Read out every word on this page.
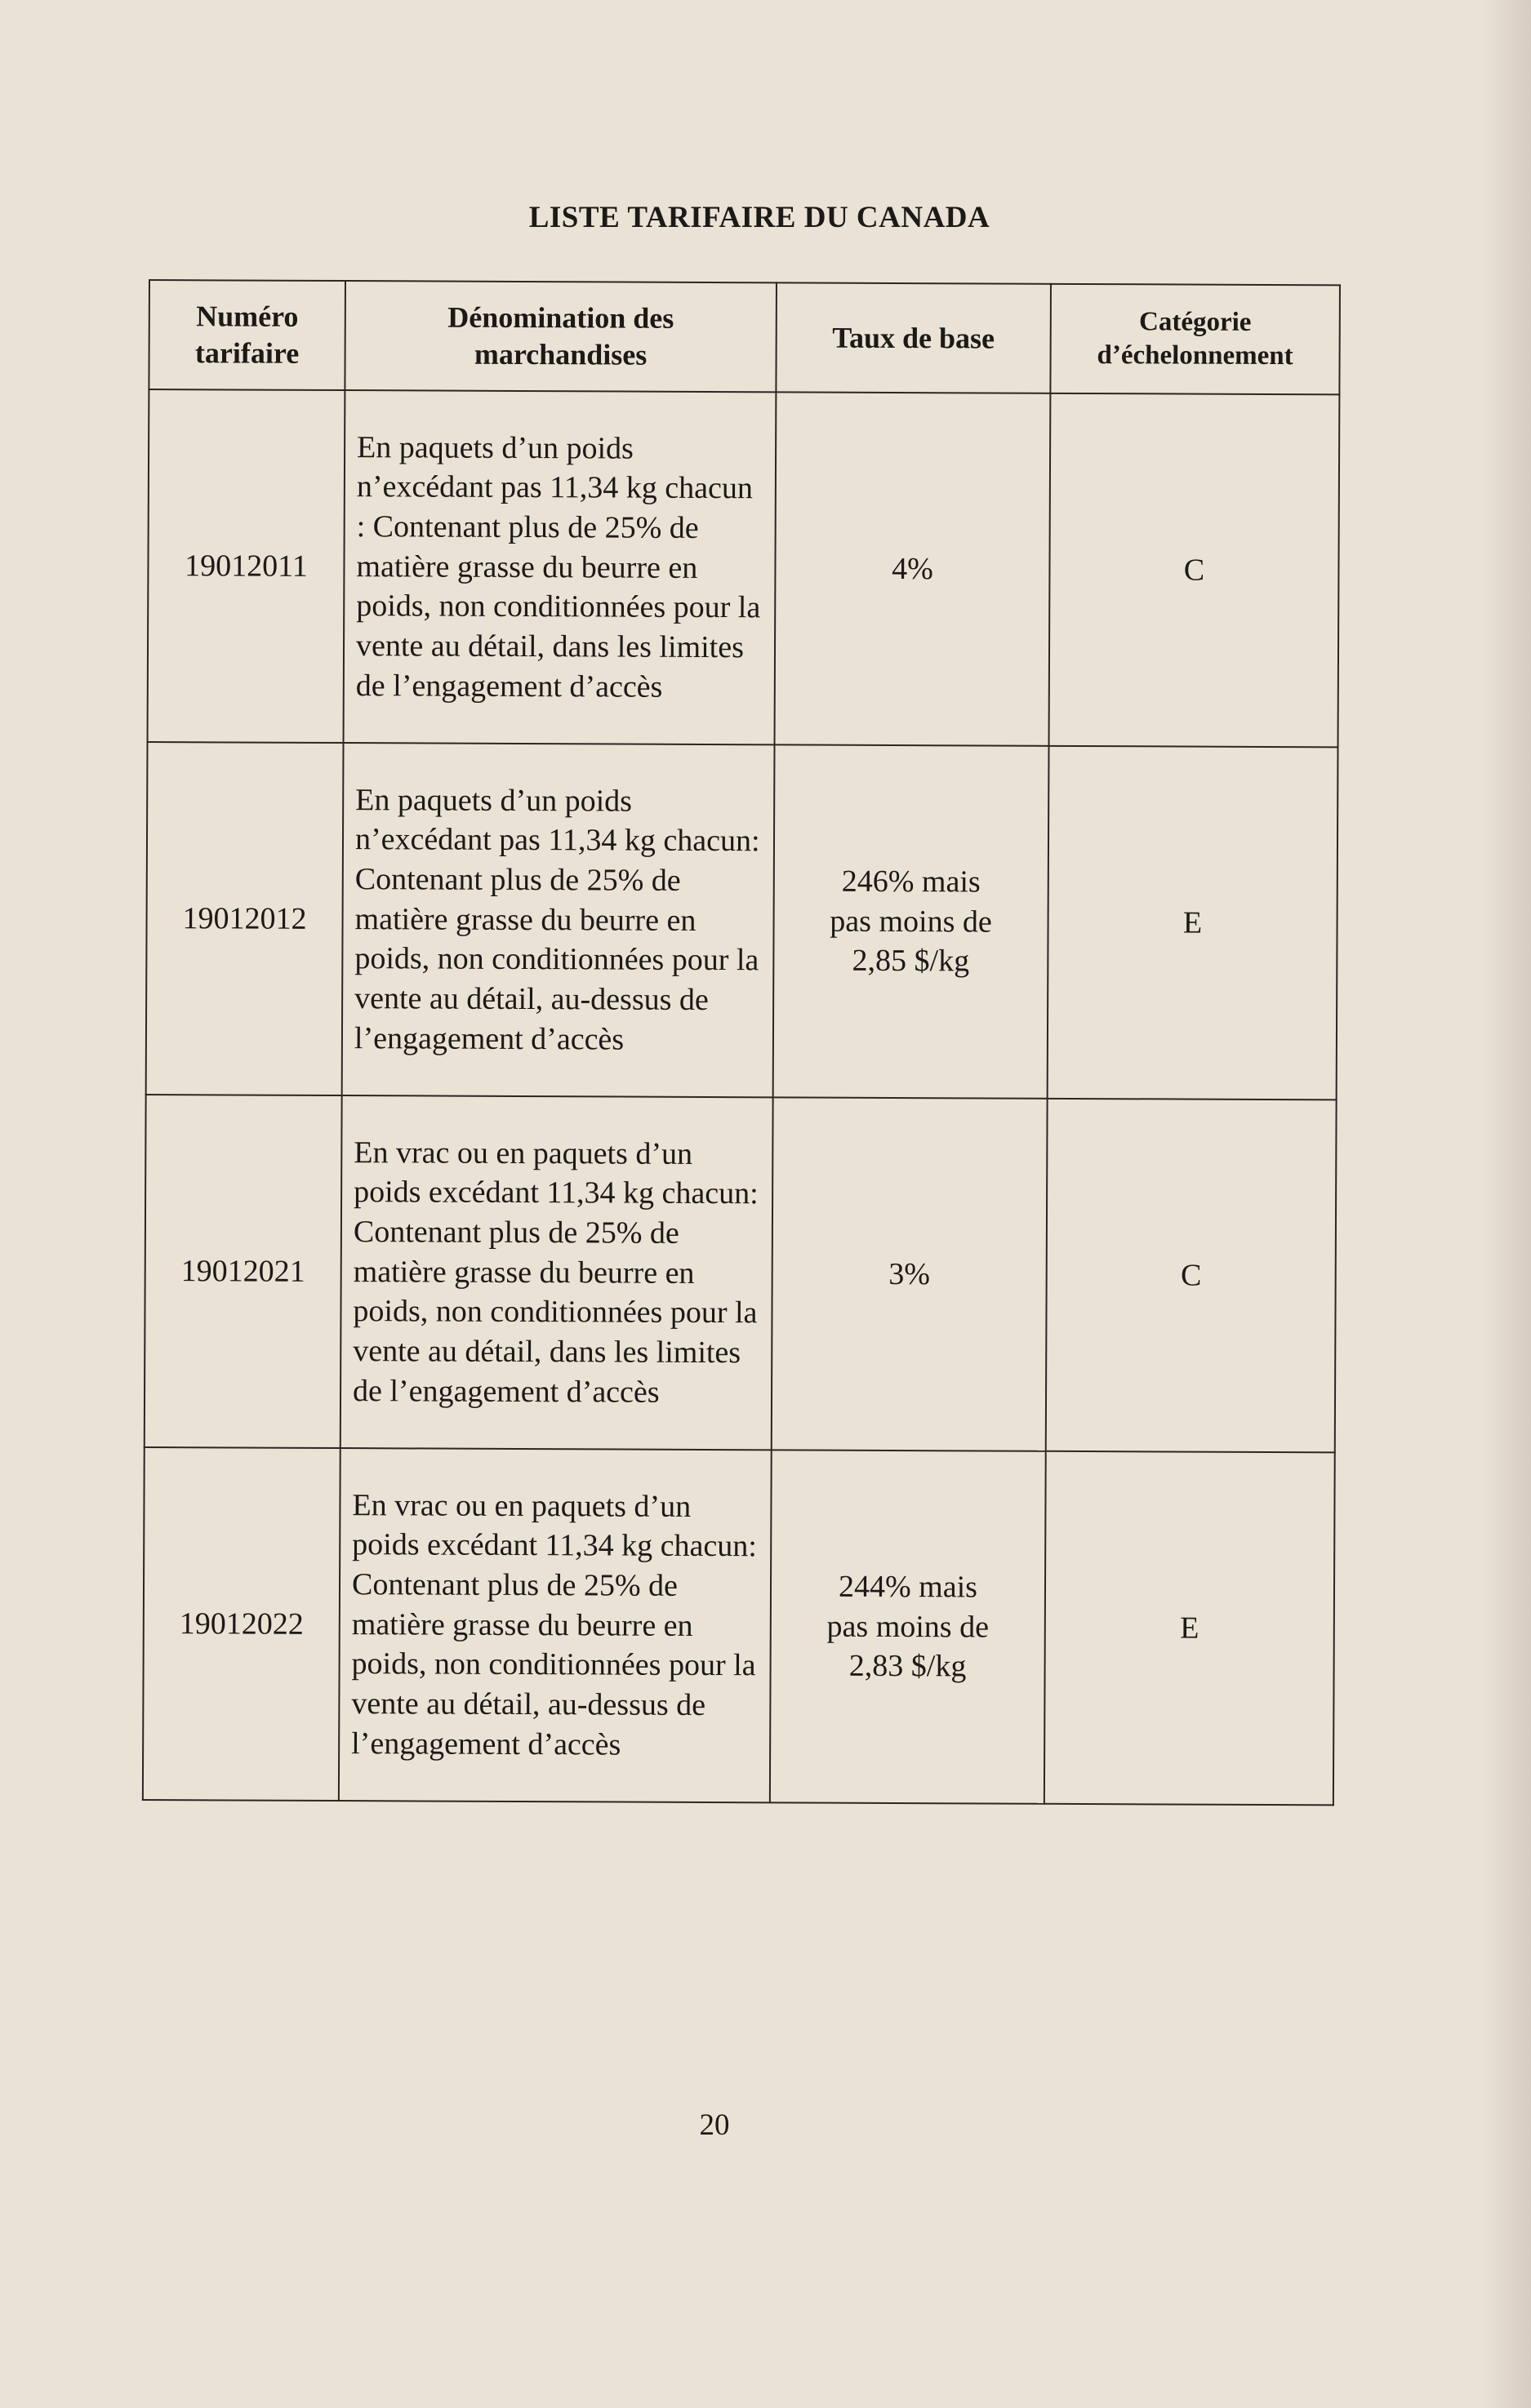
LISTE TARIFAIRE DU CANADA
Numéro tarifaire	Dénomination des marchandises	Taux de base	Catégorie d’échelonnement

19012011	En paquets d’un poids n’excédant pas 11,34 kg chacun : Contenant plus de 25% de matière grasse du beurre en poids, non conditionnées pour la vente au détail, dans les limites de l’engagement d’accès	4%	C
19012012	En paquets d’un poids n’excédant pas 11,34 kg chacun: Contenant plus de 25% de matière grasse du beurre en poids, non conditionnées pour la vente au détail, au-dessus de l’engagement d’accès	246% mais pas moins de 2,85 $/kg	E
19012021	En vrac ou en paquets d’un poids excédant 11,34 kg chacun: Contenant plus de 25% de matière grasse du beurre en poids, non conditionnées pour la vente au détail, dans les limites de l’engagement d’accès	3%	C
19012022	En vrac ou en paquets d’un poids excédant 11,34 kg chacun: Contenant plus de 25% de matière grasse du beurre en poids, non conditionnées pour la vente au détail, au-dessus de l’engagement d’accès	244% mais pas moins de 2,83 $/kg	E
20
